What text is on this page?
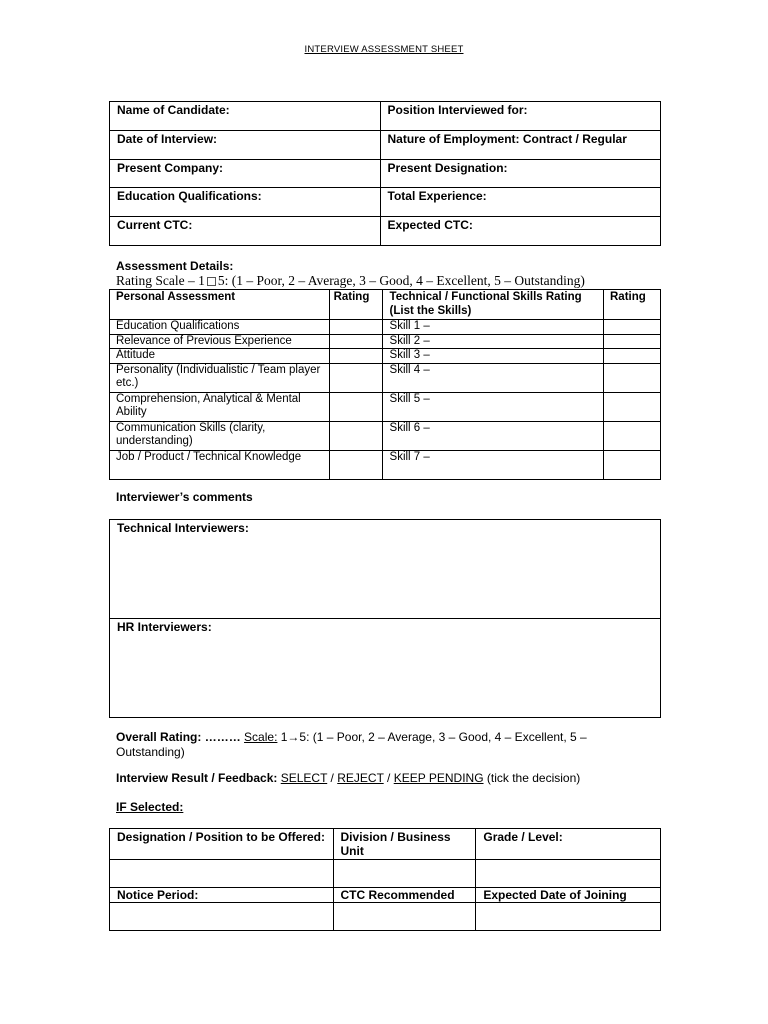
INTERVIEW ASSESSMENT SHEET
Name of Candidate:	Position Interviewed for:
Date of Interview:	Nature of Employment: Contract / Regular
Present Company:	Present Designation:
Education Qualifications:	Total Experience:
Current CTC:	Expected CTC:
Assessment Details:
Rating Scale – 1 5: (1 – Poor, 2 – Average, 3 – Good, 4 – Excellent, 5 – Outstanding)
Personal Assessment	Rating	Technical / Functional Skills Rating (List the Skills)	Rating
Education Qualifications		Skill 1 –	
Relevance of Previous Experience		Skill 2 –	
Attitude		Skill 3 –	
Personality (Individualistic / Team player etc.)		Skill 4 –	
Comprehension, Analytical & Mental Ability		Skill 5 –	
Communication Skills (clarity, understanding)		Skill 6 –	
Job / Product / Technical Knowledge		Skill 7 –	
Interviewer’s comments
Technical Interviewers:
HR Interviewers:
Overall Rating: ……… Scale: 1→5: (1 – Poor, 2 – Average, 3 – Good, 4 – Excellent, 5 – Outstanding)
Interview Result / Feedback: SELECT / REJECT / KEEP PENDING (tick the decision)
IF Selected:
Designation / Position to be Offered:	Division / Business Unit	Grade / Level:

Notice Period:	CTC Recommended	Expected Date of Joining
